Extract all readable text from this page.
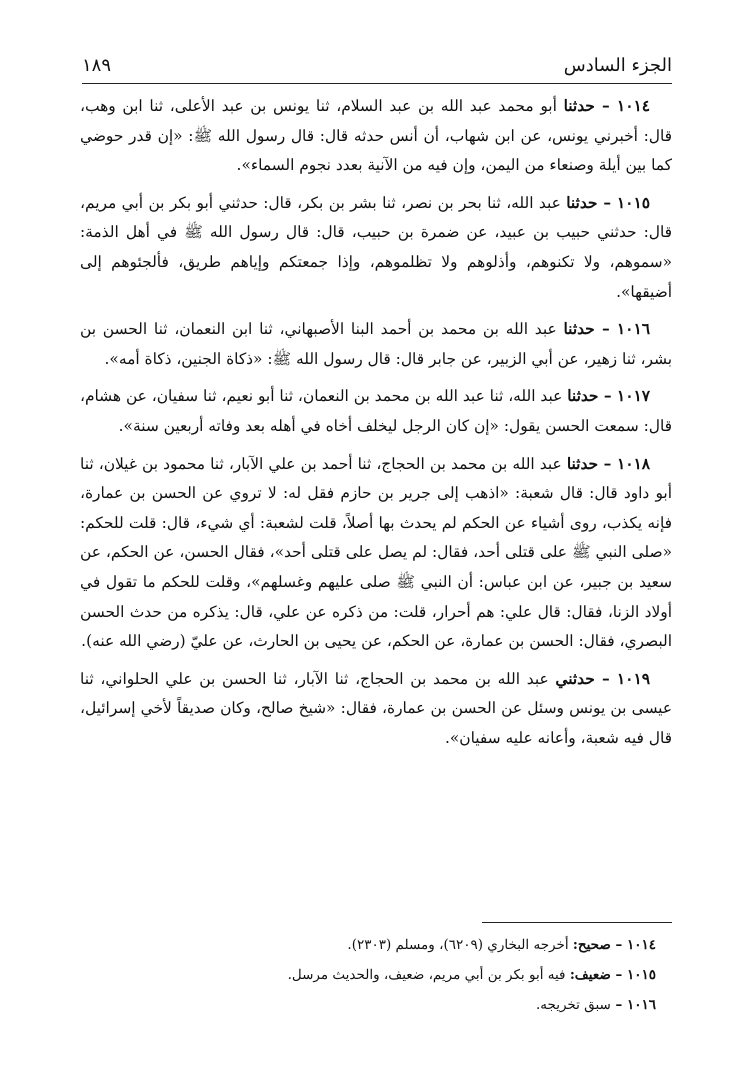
١٨٩	الجزء السادس

١٠١٤ – حدثنا أبو محمد عبد الله بن عبد السلام، ثنا يونس بن عبد الأعلى، ثنا ابن وهب، قال: أخبرني يونس، عن ابن شهاب، أن أنس حدثه قال: قال رسول الله ﷺ: «إن قدر حوضي كما بين أيلة وصنعاء من اليمن، وإن فيه من الآنية بعدد نجوم السماء».

١٠١٥ – حدثنا عبد الله، ثنا بحر بن نصر، ثنا بشر بن بكر، قال: حدثني أبو بكر بن أبي مريم، قال: حدثني حبيب بن عبيد، عن ضمرة بن حبيب، قال: قال رسول الله ﷺ في أهل الذمة: «سموهم، ولا تكنوهم، وأذلوهم ولا تظلموهم، وإذا جمعتكم وإياهم طريق، فألجئوهم إلى أضيقها».

١٠١٦ – حدثنا عبد الله بن محمد بن أحمد البنا الأصبهاني، ثنا ابن النعمان، ثنا الحسن بن بشر، ثنا زهير، عن أبي الزبير، عن جابر قال: قال رسول الله ﷺ: «ذكاة الجنين، ذكاة أمه».

١٠١٧ – حدثنا عبد الله، ثنا عبد الله بن محمد بن النعمان، ثنا أبو نعيم، ثنا سفيان، عن هشام، قال: سمعت الحسن يقول: «إن كان الرجل ليخلف أخاه في أهله بعد وفاته أربعين سنة».

١٠١٨ – حدثنا عبد الله بن محمد بن الحجاج، ثنا أحمد بن علي الآبار، ثنا محمود بن غيلان، ثنا أبو داود قال: قال شعبة: «اذهب إلى جرير بن حازم فقل له: لا تروي عن الحسن بن عمارة، فإنه يكذب، روى أشياء عن الحكم لم يحدث بها أصلاً، قلت لشعبة: أي شيء، قال: قلت للحكم: «صلى النبي ﷺ على قتلى أحد، فقال: لم يصل على قتلى أحد»، فقال الحسن، عن الحكم، عن سعيد بن جبير، عن ابن عباس: أن النبي ﷺ صلى عليهم وغسلهم»، وقلت للحكم ما تقول في أولاد الزنا، فقال: قال علي: هم أحرار، قلت: من ذكره عن علي، قال: يذكره من حدث الحسن البصري، فقال: الحسن بن عمارة، عن الحكم، عن يحيى بن الحارث، عن عليّ (رضي الله عنه).

١٠١٩ – حدثني عبد الله بن محمد بن الحجاج، ثنا الآبار، ثنا الحسن بن علي الحلواني، ثنا عيسى بن يونس وسئل عن الحسن بن عمارة، فقال: «شيخ صالح، وكان صديقاً لأخي إسرائيل، قال فيه شعبة، وأعانه عليه سفيان».

١٠١٤ – صحيح: أخرجه البخاري (٦٢٠٩)، ومسلم (٢٣٠٣).

١٠١٥ – ضعيف: فيه أبو بكر بن أبي مريم، ضعيف، والحديث مرسل.

١٠١٦ – سبق تخريجه.
